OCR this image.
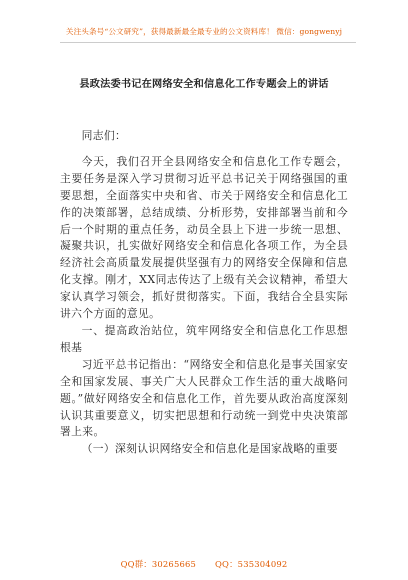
关注头条号“公文研究”，获得最新最全最专业的公文资料库！ 微信：gongwenyj
县政法委书记在网络安全和信息化工作专题会上的讲话

同志们：

今天，我们召开全县网络安全和信息化工作专题会，主要任务是深入学习贯彻习近平总书记关于网络强国的重要思想，全面落实中央和省、市关于网络安全和信息化工作的决策部署，总结成绩、分析形势，安排部署当前和今后一个时期的重点任务，动员全县上下进一步统一思想、凝聚共识，扎实做好网络安全和信息化各项工作，为全县经济社会高质量发展提供坚强有力的网络安全保障和信息化支撑。刚才，XX同志传达了上级有关会议精神，希望大家认真学习领会，抓好贯彻落实。下面，我结合全县实际讲六个方面的意见。

一、提高政治站位，筑牢网络安全和信息化工作思想根基

习近平总书记指出：“网络安全和信息化是事关国家安全和国家发展、事关广大人民群众工作生活的重大战略问题。”做好网络安全和信息化工作，首先要从政治高度深刻认识其重要意义，切实把思想和行动统一到党中央决策部署上来。

（一）深刻认识网络安全和信息化是国家战略的重要

QQ群：30265665 QQ：535304092
